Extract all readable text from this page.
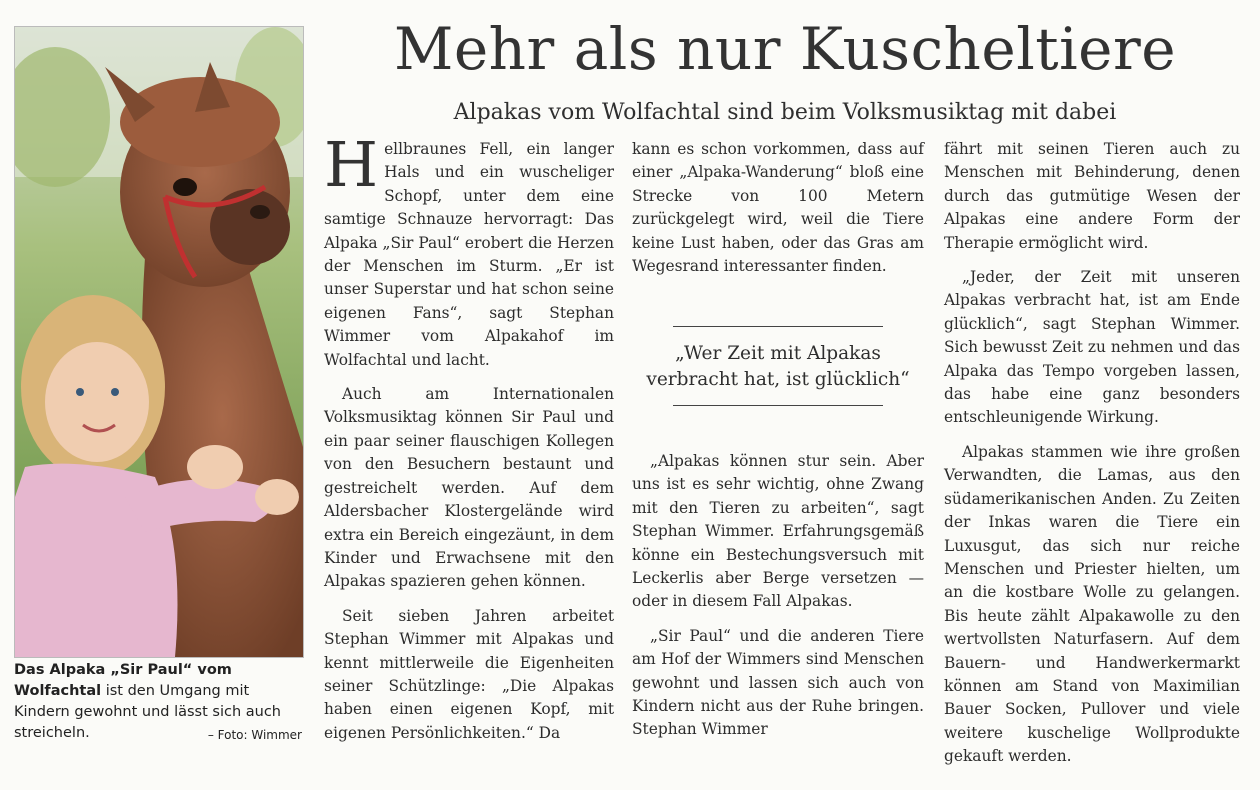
Mehr als nur Kuscheltiere
Alpakas vom Wolfachtal sind beim Volksmusiktag mit dabei
Das Alpaka „Sir Paul“ vom Wolfachtal ist den Umgang mit Kindern gewohnt und lässt sich auch streicheln.	– Foto: Wimmer

Hellbraunes Fell, ein langer Hals und ein wuscheliger Schopf, unter dem eine samtige Schnauze hervorragt: Das Alpaka „Sir Paul“ erobert die Herzen der Menschen im Sturm. „Er ist unser Superstar und hat schon seine eigenen Fans“, sagt Stephan Wimmer vom Alpakahof im Wolfachtal und lacht.

Auch am Internationalen Volksmusiktag können Sir Paul und ein paar seiner flauschigen Kollegen von den Besuchern bestaunt und gestreichelt werden. Auf dem Aldersbacher Klostergelände wird extra ein Bereich eingezäunt, in dem Kinder und Erwachsene mit den Alpakas spazieren gehen können.

Seit sieben Jahren arbeitet Stephan Wimmer mit Alpakas und kennt mittlerweile die Eigenheiten seiner Schützlinge: „Die Alpakas haben einen eigenen Kopf, mit eigenen Persönlichkeiten.“ Da

kann es schon vorkommen, dass auf einer „Alpaka-Wanderung“ bloß eine Strecke von 100 Metern zurückgelegt wird, weil die Tiere keine Lust haben, oder das Gras am Wegesrand interessanter finden.

„Wer Zeit mit Alpakas verbracht hat, ist glücklich“

„Alpakas können stur sein. Aber uns ist es sehr wichtig, ohne Zwang mit den Tieren zu arbeiten“, sagt Stephan Wimmer. Erfahrungsgemäß könne ein Bestechungsversuch mit Leckerlis aber Berge versetzen — oder in diesem Fall Alpakas.

„Sir Paul“ und die anderen Tiere am Hof der Wimmers sind Menschen gewohnt und lassen sich auch von Kindern nicht aus der Ruhe bringen. Stephan Wimmer

fährt mit seinen Tieren auch zu Menschen mit Behinderung, denen durch das gutmütige Wesen der Alpakas eine andere Form der Therapie ermöglicht wird.

„Jeder, der Zeit mit unseren Alpakas verbracht hat, ist am Ende glücklich“, sagt Stephan Wimmer. Sich bewusst Zeit zu nehmen und das Alpaka das Tempo vorgeben lassen, das habe eine ganz besonders entschleunigende Wirkung.

Alpakas stammen wie ihre großen Verwandten, die Lamas, aus den südamerikanischen Anden. Zu Zeiten der Inkas waren die Tiere ein Luxusgut, das sich nur reiche Menschen und Priester hielten, um an die kostbare Wolle zu gelangen. Bis heute zählt Alpakawolle zu den wertvollsten Naturfasern. Auf dem Bauern- und Handwerkermarkt können am Stand von Maximilian Bauer Socken, Pullover und viele weitere kuschelige Wollprodukte gekauft werden.
